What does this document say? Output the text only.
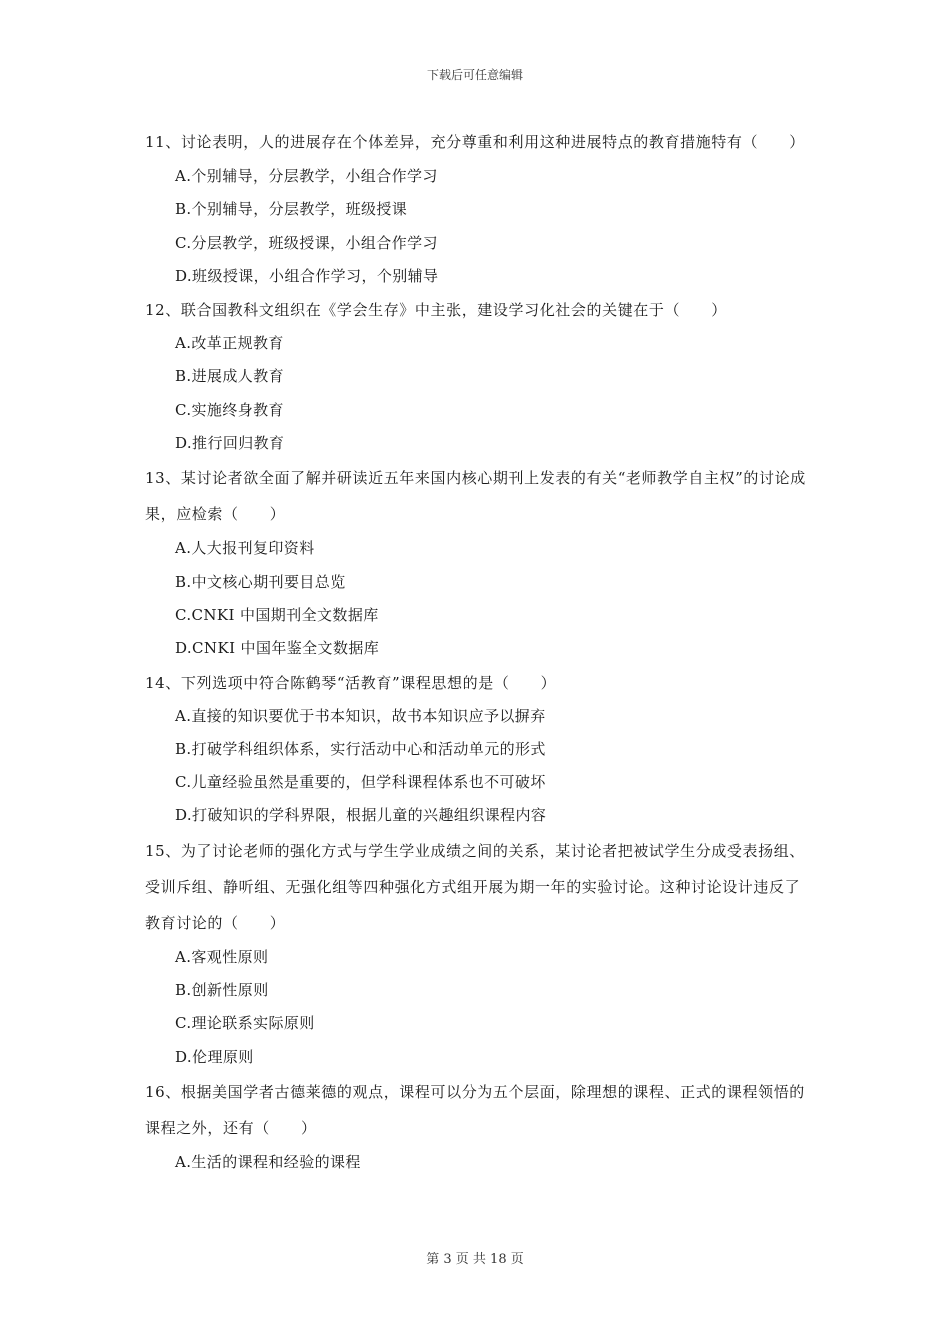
下载后可任意编辑

11、讨论表明，人的进展存在个体差异，充分尊重和利用这种进展特点的教育措施特有（　　）

A.个别辅导，分层教学，小组合作学习

B.个别辅导，分层教学，班级授课

C.分层教学，班级授课，小组合作学习

D.班级授课，小组合作学习，个别辅导

12、联合国教科文组织在《学会生存》中主张，建设学习化社会的关键在于（　　）

A.改革正规教育

B.进展成人教育

C.实施终身教育

D.推行回归教育

13、某讨论者欲全面了解并研读近五年来国内核心期刊上发表的有关“老师教学自主权”的讨论成果，应检索（　　）

A.人大报刊复印资料

B.中文核心期刊要目总览

C.CNKI 中国期刊全文数据库

D.CNKI 中国年鉴全文数据库

14、下列选项中符合陈鹤琴“活教育”课程思想的是（　　）

A.直接的知识要优于书本知识，故书本知识应予以摒弃

B.打破学科组织体系，实行活动中心和活动单元的形式

C.儿童经验虽然是重要的，但学科课程体系也不可破坏

D.打破知识的学科界限，根据儿童的兴趣组织课程内容

15、为了讨论老师的强化方式与学生学业成绩之间的关系，某讨论者把被试学生分成受表扬组、受训斥组、静听组、无强化组等四种强化方式组开展为期一年的实验讨论。这种讨论设计违反了教育讨论的（　　）

A.客观性原则

B.创新性原则

C.理论联系实际原则

D.伦理原则

16、根据美国学者古德莱德的观点，课程可以分为五个层面，除理想的课程、正式的课程领悟的课程之外，还有（　　）

A.生活的课程和经验的课程

第 3 页 共 18 页
